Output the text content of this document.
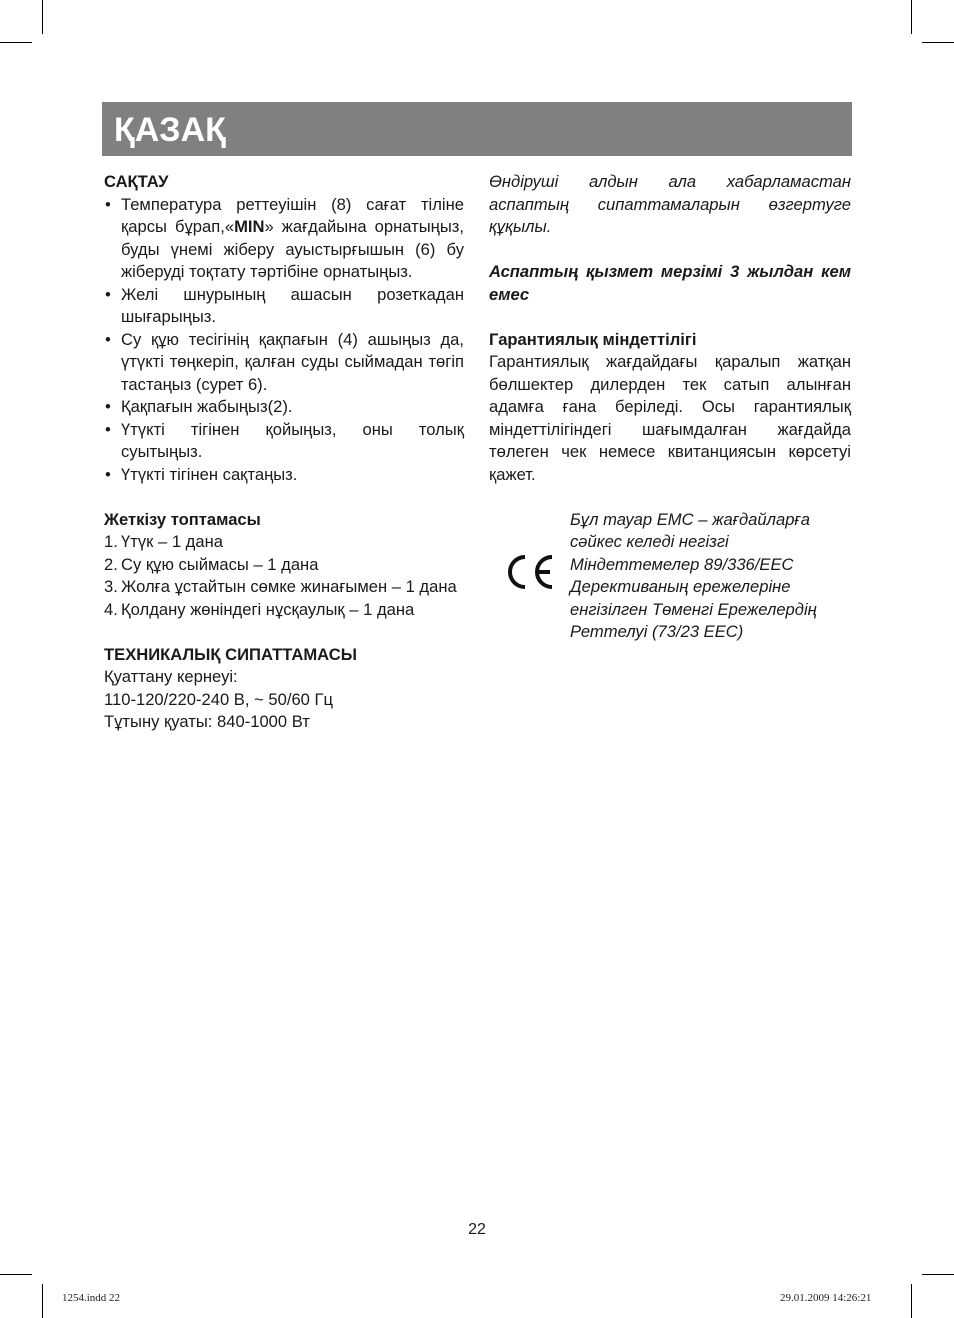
ҚАЗАҚ
САҚТАУ
• Температура реттеуішін (8) сағат тіліне қарсы бұрап,«MIN» жағдайына орнатыңыз, буды үнемі жіберу ауыстырғышын (6) бу жіберуді тоқтату тәртібіне орнатыңыз.
• Желі шнурының ашасын розеткадан шығарыңыз.
• Су құю тесігінің қақпағын (4) ашыңыз да, үтүкті төңкеріп, қалған суды сыймадан төгіп тастаңыз (сурет 6).
• Қақпағын жабыңыз(2).
• Үтүкті тігінен қойыңыз, оны толық суытыңыз.
• Үтүкті тігінен сақтаңыз.
Жеткізу топтамасы
1. Үтүк – 1 дана
2. Су құю сыймасы – 1 дана
3. Жолға ұстайтын сөмке жинағымен – 1 дана
4. Қолдану жөніндегі нұсқаулық – 1 дана
ТЕХНИКАЛЫҚ СИПАТТАМАСЫ
Қуаттану кернеуі:
110-120/220-240 В, ~ 50/60 Гц
Тұтыну қуаты: 840-1000 Вт
Өндіруші алдын ала хабарламастан аспаптың сипаттамаларын өзгертуге құқылы.
Аспаптың қызмет мерзімі 3 жылдан кем емес
Гарантиялық міндеттілігі
Гарантиялық жағдайдағы қаралып жатқан бөлшектер дилерден тек сатып алынған адамға ғана беріледі. Осы гарантиялық міндеттілігіндегі шағымдалған жағдайда төлеген чек немесе квитанциясын көрсетуі қажет.
Бұл тауар ЕМС – жағдайларға
сәйкес келеді негізгі
Міндеттемелер 89/336/EEC
Дерективаның ережелеріне
енгізілген Төменгі Ережелердің
Реттелуі (73/23 ЕЕС)
22
1254.indd 22	29.01.2009 14:26:21
